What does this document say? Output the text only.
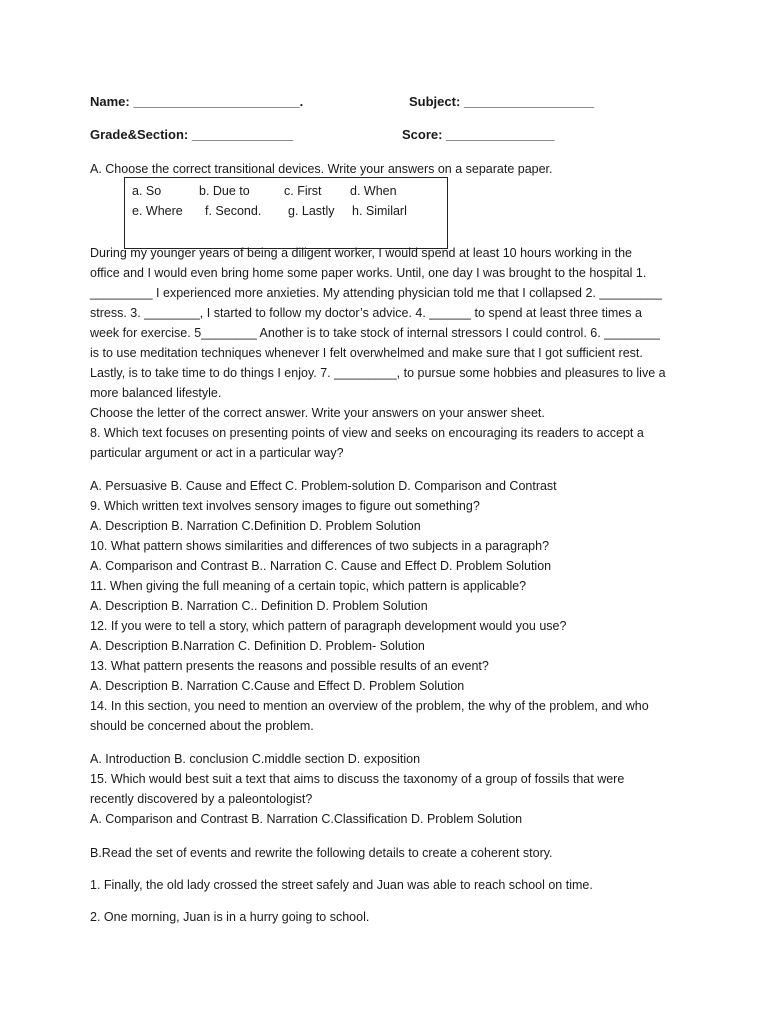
Name: _______________________.	Subject: __________________
Grade&Section: ______________	Score: _______________
A. Choose the correct transitional devices. Write your answers on a separate paper.
During my younger years of being a diligent worker, I would spend at least 10 hours working in the
office and I would even bring home some paper works. Until, one day I was brought to the hospital 1.
_________ I experienced more anxieties. My attending physician told me that I collapsed 2. _________
stress. 3. ________, I started to follow my doctor’s advice. 4. ______ to spend at least three times a
week for exercise. 5________ Another is to take stock of internal stressors I could control. 6. ________
is to use meditation techniques whenever I felt overwhelmed and make sure that I got sufficient rest.
Lastly, is to take time to do things I enjoy. 7. _________, to pursue some hobbies and pleasures to live a
more balanced lifestyle.
a. So	b. Due to	c. First d. When
e. Where f. Second. g. Lastly h. Similarl
Choose the letter of the correct answer. Write your answers on your answer sheet.
8. Which text focuses on presenting points of view and seeks on encouraging its readers to accept a
particular argument or act in a particular way?
A. Persuasive B. Cause and Effect C. Problem-solution D. Comparison and Contrast
9. Which written text involves sensory images to figure out something?
A. Description B. Narration C.Definition D. Problem Solution
10. What pattern shows similarities and differences of two subjects in a paragraph?
A. Comparison and Contrast B.. Narration C. Cause and Effect D. Problem Solution
11. When giving the full meaning of a certain topic, which pattern is applicable?
A. Description B. Narration C.. Definition D. Problem Solution
12. If you were to tell a story, which pattern of paragraph development would you use?
A. Description B.Narration C. Definition D. Problem- Solution
13. What pattern presents the reasons and possible results of an event?
A. Description B. Narration C.Cause and Effect D. Problem Solution
14. In this section, you need to mention an overview of the problem, the why of the problem, and who
should be concerned about the problem.
A. Introduction B. conclusion C.middle section D. exposition
15. Which would best suit a text that aims to discuss the taxonomy of a group of fossils that were
recently discovered by a paleontologist?
A. Comparison and Contrast B. Narration C.Classification D. Problem Solution
B.Read the set of events and rewrite the following details to create a coherent story.
1. Finally, the old lady crossed the street safely and Juan was able to reach school on time.
2. One morning, Juan is in a hurry going to school.
